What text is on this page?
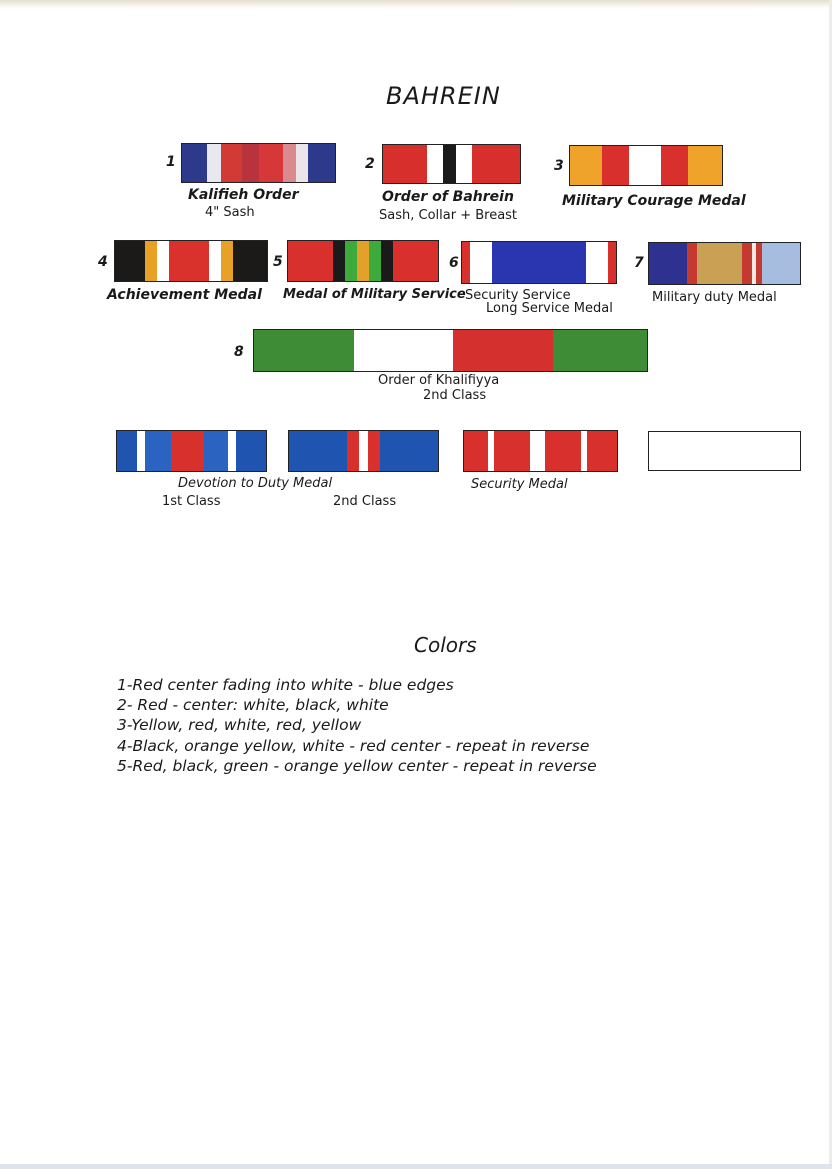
BAHREIN
1
Kalifieh Order
4" Sash
2
Order of Bahrein
Sash, Collar + Breast
3
Military Courage Medal
4
Achievement Medal
5
Medal of Military Service
6
Security Service
Long Service Medal
7
Military duty Medal
8
Order of Khalifiyya
2nd Class
Devotion to Duty Medal
1st Class	2nd Class
Security Medal
Colors
1-Red center fading into white - blue edges
2- Red - center: white, black, white
3-Yellow, red, white, red, yellow
4-Black, orange yellow, white - red center - repeat in reverse
5-Red, black, green - orange yellow center - repeat in reverse
